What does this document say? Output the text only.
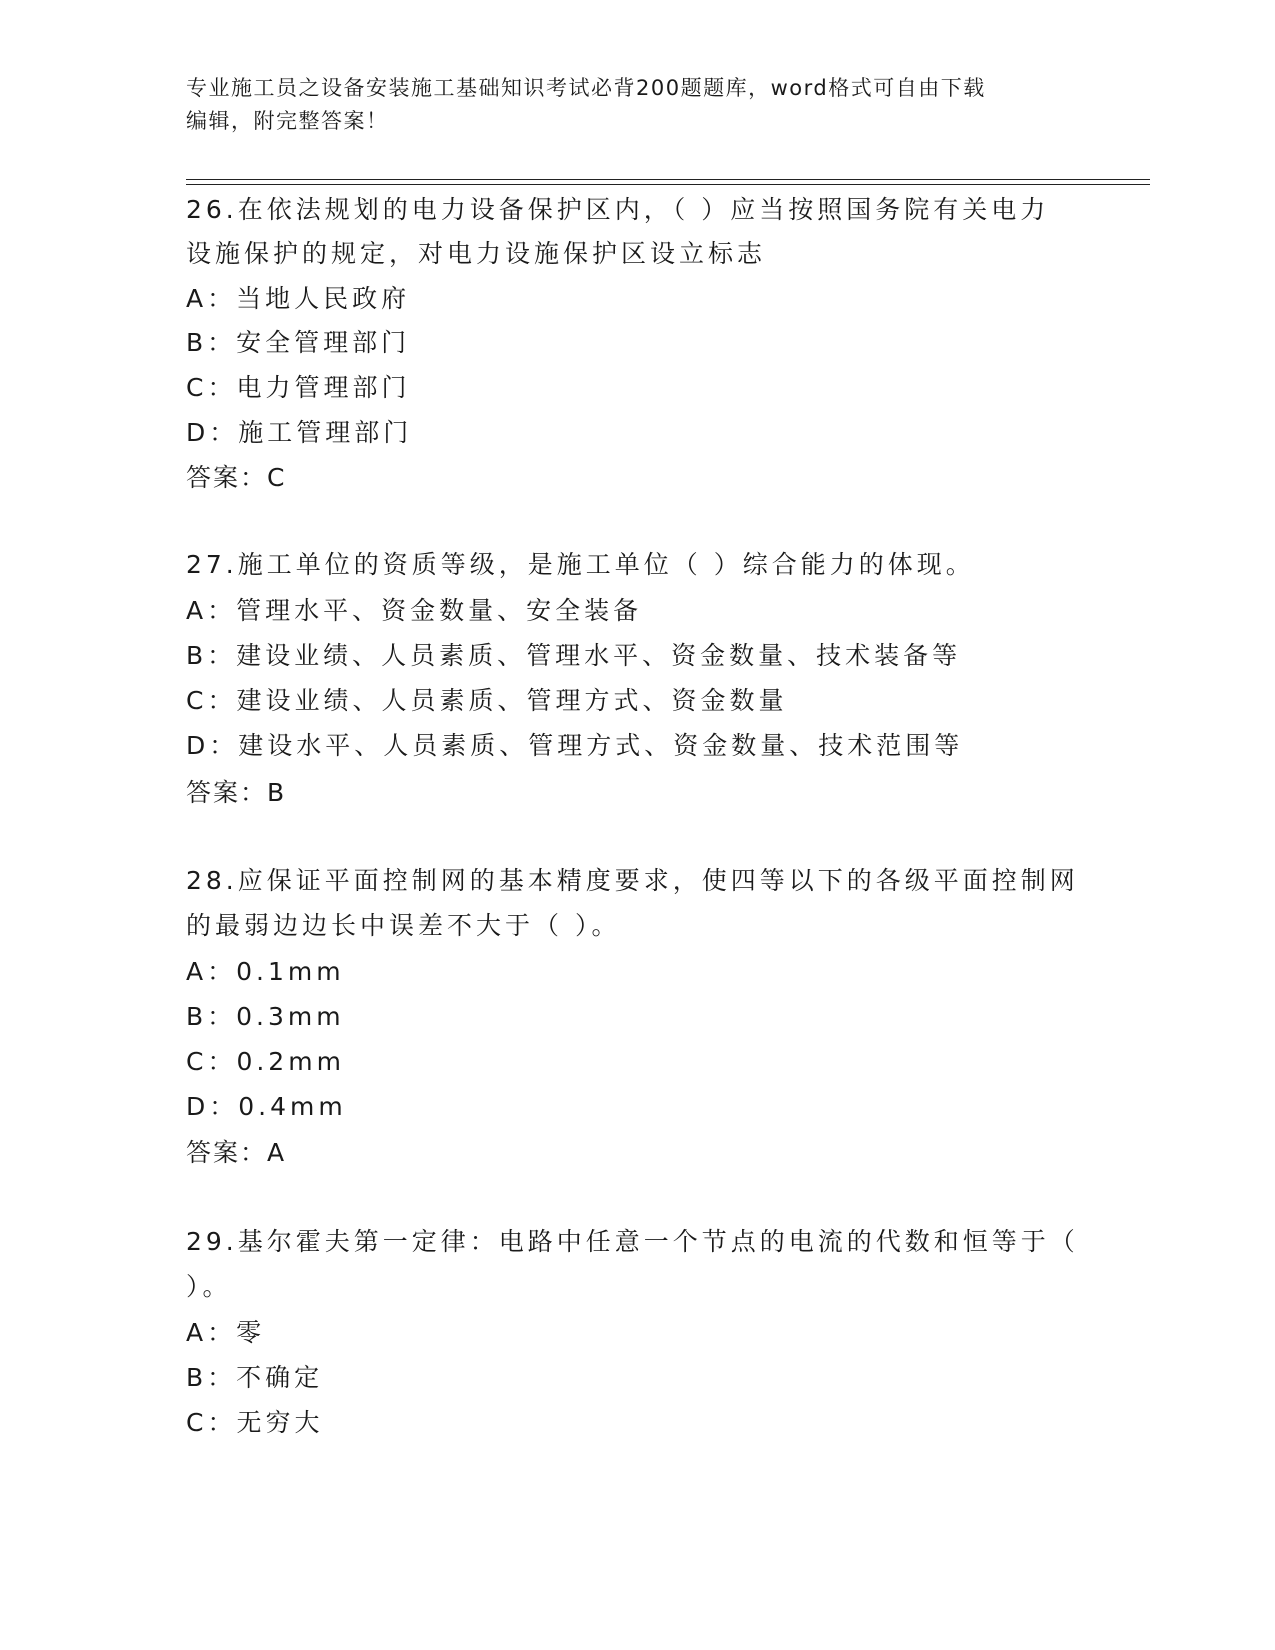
专业施工员之设备安装施工基础知识考试必背200题题库，word格式可自由下载
编辑，附完整答案！
26.在依法规划的电力设备保护区内，（ ）应当按照国务院有关电力
设施保护的规定，对电力设施保护区设立标志
A：当地人民政府
B：安全管理部门
C：电力管理部门
D：施工管理部门
答案：C
27.施工单位的资质等级，是施工单位（ ）综合能力的体现。
A：管理水平、资金数量、安全装备
B：建设业绩、人员素质、管理水平、资金数量、技术装备等
C：建设业绩、人员素质、管理方式、资金数量
D：建设水平、人员素质、管理方式、资金数量、技术范围等
答案：B
28.应保证平面控制网的基本精度要求，使四等以下的各级平面控制网
的最弱边边长中误差不大于（ ）。
A：0.1mm
B：0.3mm
C：0.2mm
D：0.4mm
答案：A
29.基尔霍夫第一定律：电路中任意一个节点的电流的代数和恒等于（
）。
A：零
B：不确定
C：无穷大
